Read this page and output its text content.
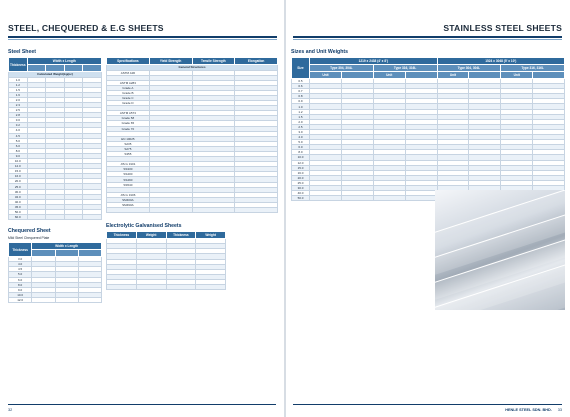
STEEL, CHEQUERED & E.G SHEETS
Steel Sheet
Thickness	Width x Length			

Calculated Weight(kg/pc)				
1.0				
1.2				
1.5				
1.6				
2.0				
2.3				
2.5				
2.8				
3.0				
3.2				
4.0				
4.5				
5.0				
6.0				
8.0				
9.0				
10.0				
12.0				
15.0				
16.0				
20.0				
25.0				
30.0				
32.0				
40.0				
45.0				
50.0				
60.0				
Chequered Sheet
Mild Steel Chequered Plate
Thickness	Width x Length		

3.0			
4.0			
4.5			
5.0			
6.0			
8.0			
9.0			
10.0			
12.0			
Specifications	Yield Strength	Tensile Strength	Elongation
General Structures			
ASTM A36			

ASTM A283			
Grade A			
Grade B			
Grade C			
Grade D			

ASTM A573			
Grade 58			
Grade 65			
Grade 70			

EN 10025			
S235			
S275			
S355			

JIS G 3101			
SS330			
SS400			
SS490			
SS540			

JIS G 3106			
SM400A			
SM490A			

Electrolytic Galvanised Sheets
Thickness	Weight	Thickness	Weight

32
STAINLESS STEEL SHEETS
Sizes and Unit Weights
Size	1219 x 2438 (4' x 8')				1524 x 3048 (5' x 10')			
	Type 304, 304L		Type 316, 316L		Type 304, 304L		Type 316, 316L	
	Unit		Unit		Unit		Unit	
0.5								
0.6								
0.7								
0.8								
0.9								
1.0								
1.2								
1.5								
2.0								
2.5								
3.0								
4.0								
5.0								
6.0								
8.0								
10.0								
12.0								
15.0								
16.0								
20.0								
25.0								
30.0								
40.0								
50.0								
HENLE STEEL SDN. BHD. 33
